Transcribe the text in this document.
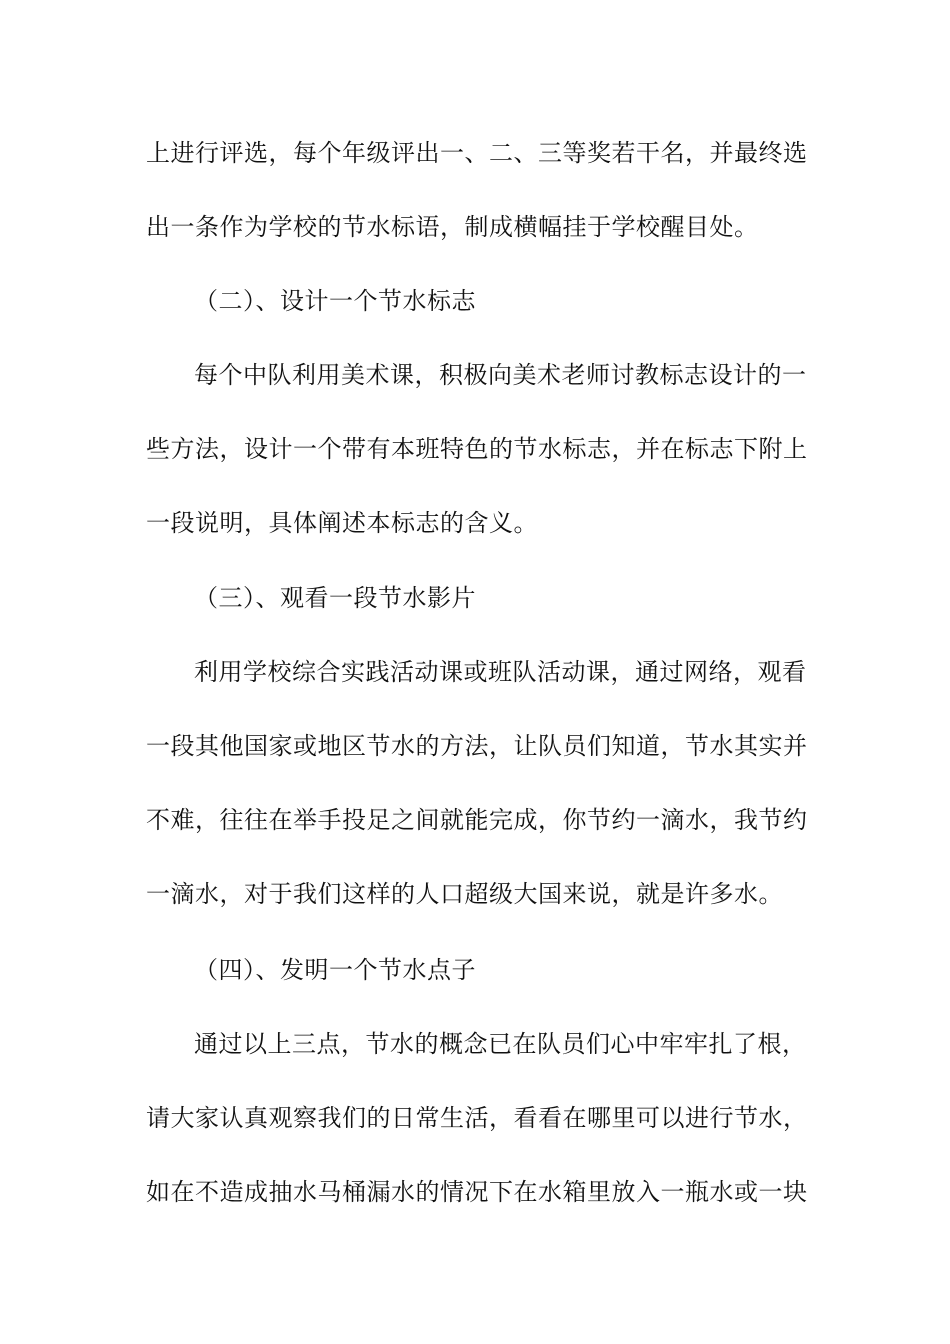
上进行评选，每个年级评出一、二、三等奖若干名，并最终选
出一条作为学校的节水标语，制成横幅挂于学校醒目处。
（二）、设计一个节水标志
每个中队利用美术课，积极向美术老师讨教标志设计的一
些方法，设计一个带有本班特色的节水标志，并在标志下附上
一段说明，具体阐述本标志的含义。
（三）、观看一段节水影片
利用学校综合实践活动课或班队活动课，通过网络，观看
一段其他国家或地区节水的方法，让队员们知道，节水其实并
不难，往往在举手投足之间就能完成，你节约一滴水，我节约
一滴水，对于我们这样的人口超级大国来说，就是许多水。
（四）、发明一个节水点子
通过以上三点，节水的概念已在队员们心中牢牢扎了根，
请大家认真观察我们的日常生活，看看在哪里可以进行节水，
如在不造成抽水马桶漏水的情况下在水箱里放入一瓶水或一块
